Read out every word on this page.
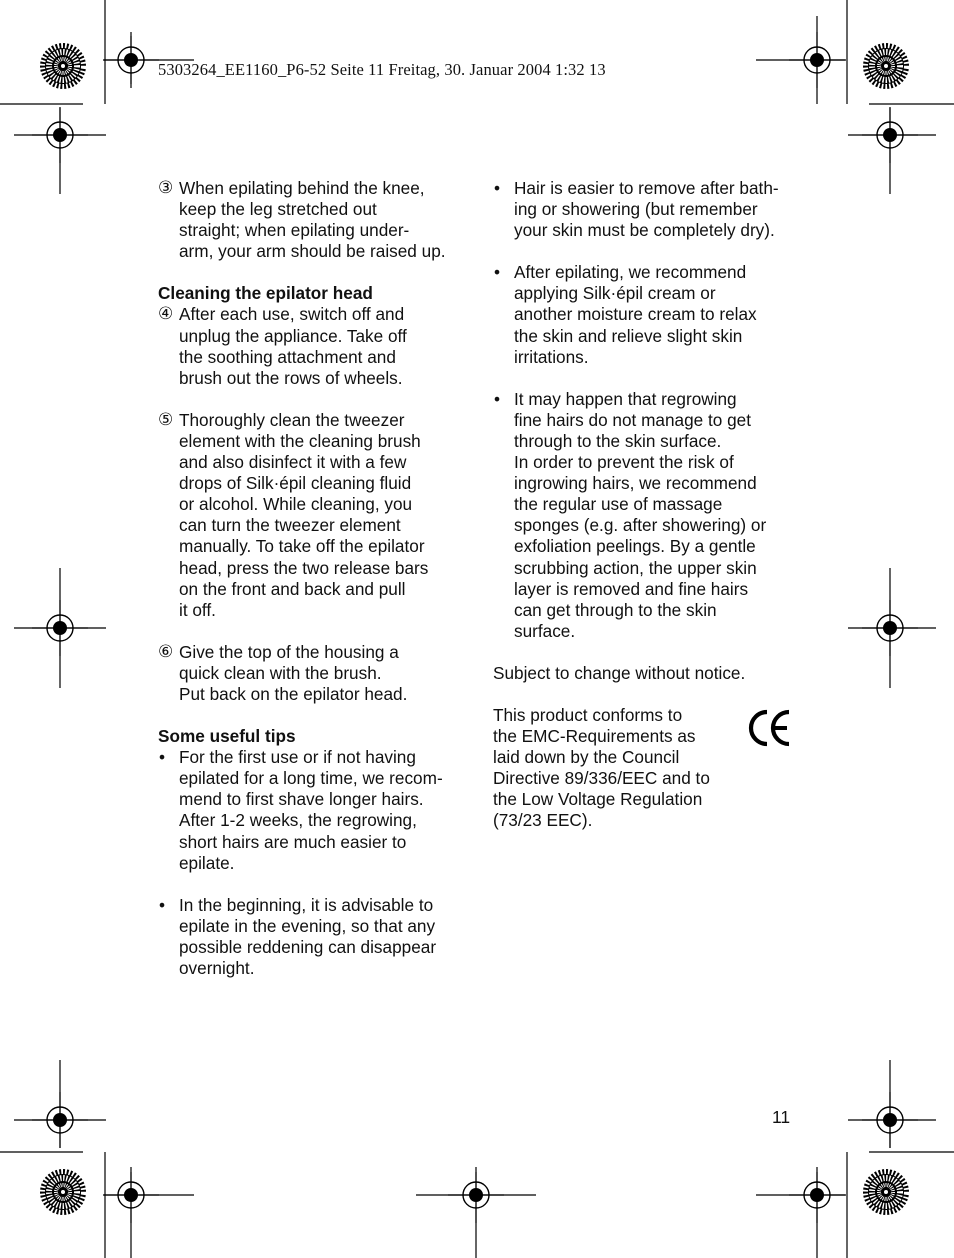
5303264_EE1160_P6-52 Seite 11 Freitag, 30. Januar 2004 1:32 13
③ When epilating behind the knee,
keep the leg stretched out
straight; when epilating under-
arm, your arm should be raised up.

Cleaning the epilator head

④ After each use, switch off and
unplug the appliance. Take off
the soothing attachment and
brush out the rows of wheels.
⑤ Thoroughly clean the tweezer
element with the cleaning brush
and also disinfect it with a few
drops of Silk·épil cleaning fluid
or alcohol. While cleaning, you
can turn the tweezer element
manually. To take off the epilator
head, press the two release bars
on the front and back and pull
it off.
⑥ Give the top of the housing a
quick clean with the brush.
Put back on the epilator head.

Some useful tips

• For the first use or if not having
epilated for a long time, we recom-
mend to first shave longer hairs.
After 1-2 weeks, the regrowing,
short hairs are much easier to
epilate.
• In the beginning, it is advisable to
epilate in the evening, so that any
possible reddening can disappear
overnight.
• Hair is easier to remove after bath-
ing or showering (but remember
your skin must be completely dry).
• After epilating, we recommend
applying Silk·épil cream or
another moisture cream to relax
the skin and relieve slight skin
irritations.
• It may happen that regrowing
fine hairs do not manage to get
through to the skin surface.
In order to prevent the risk of
ingrowing hairs, we recommend
the regular use of massage
sponges (e.g. after showering) or
exfoliation peelings. By a gentle
scrubbing action, the upper skin
layer is removed and fine hairs
can get through to the skin
surface.

Subject to change without notice.

This product conforms to
the EMC-Requirements as
laid down by the Council
Directive 89/336/EEC and to
the Low Voltage Regulation
(73/23 EEC).
11
